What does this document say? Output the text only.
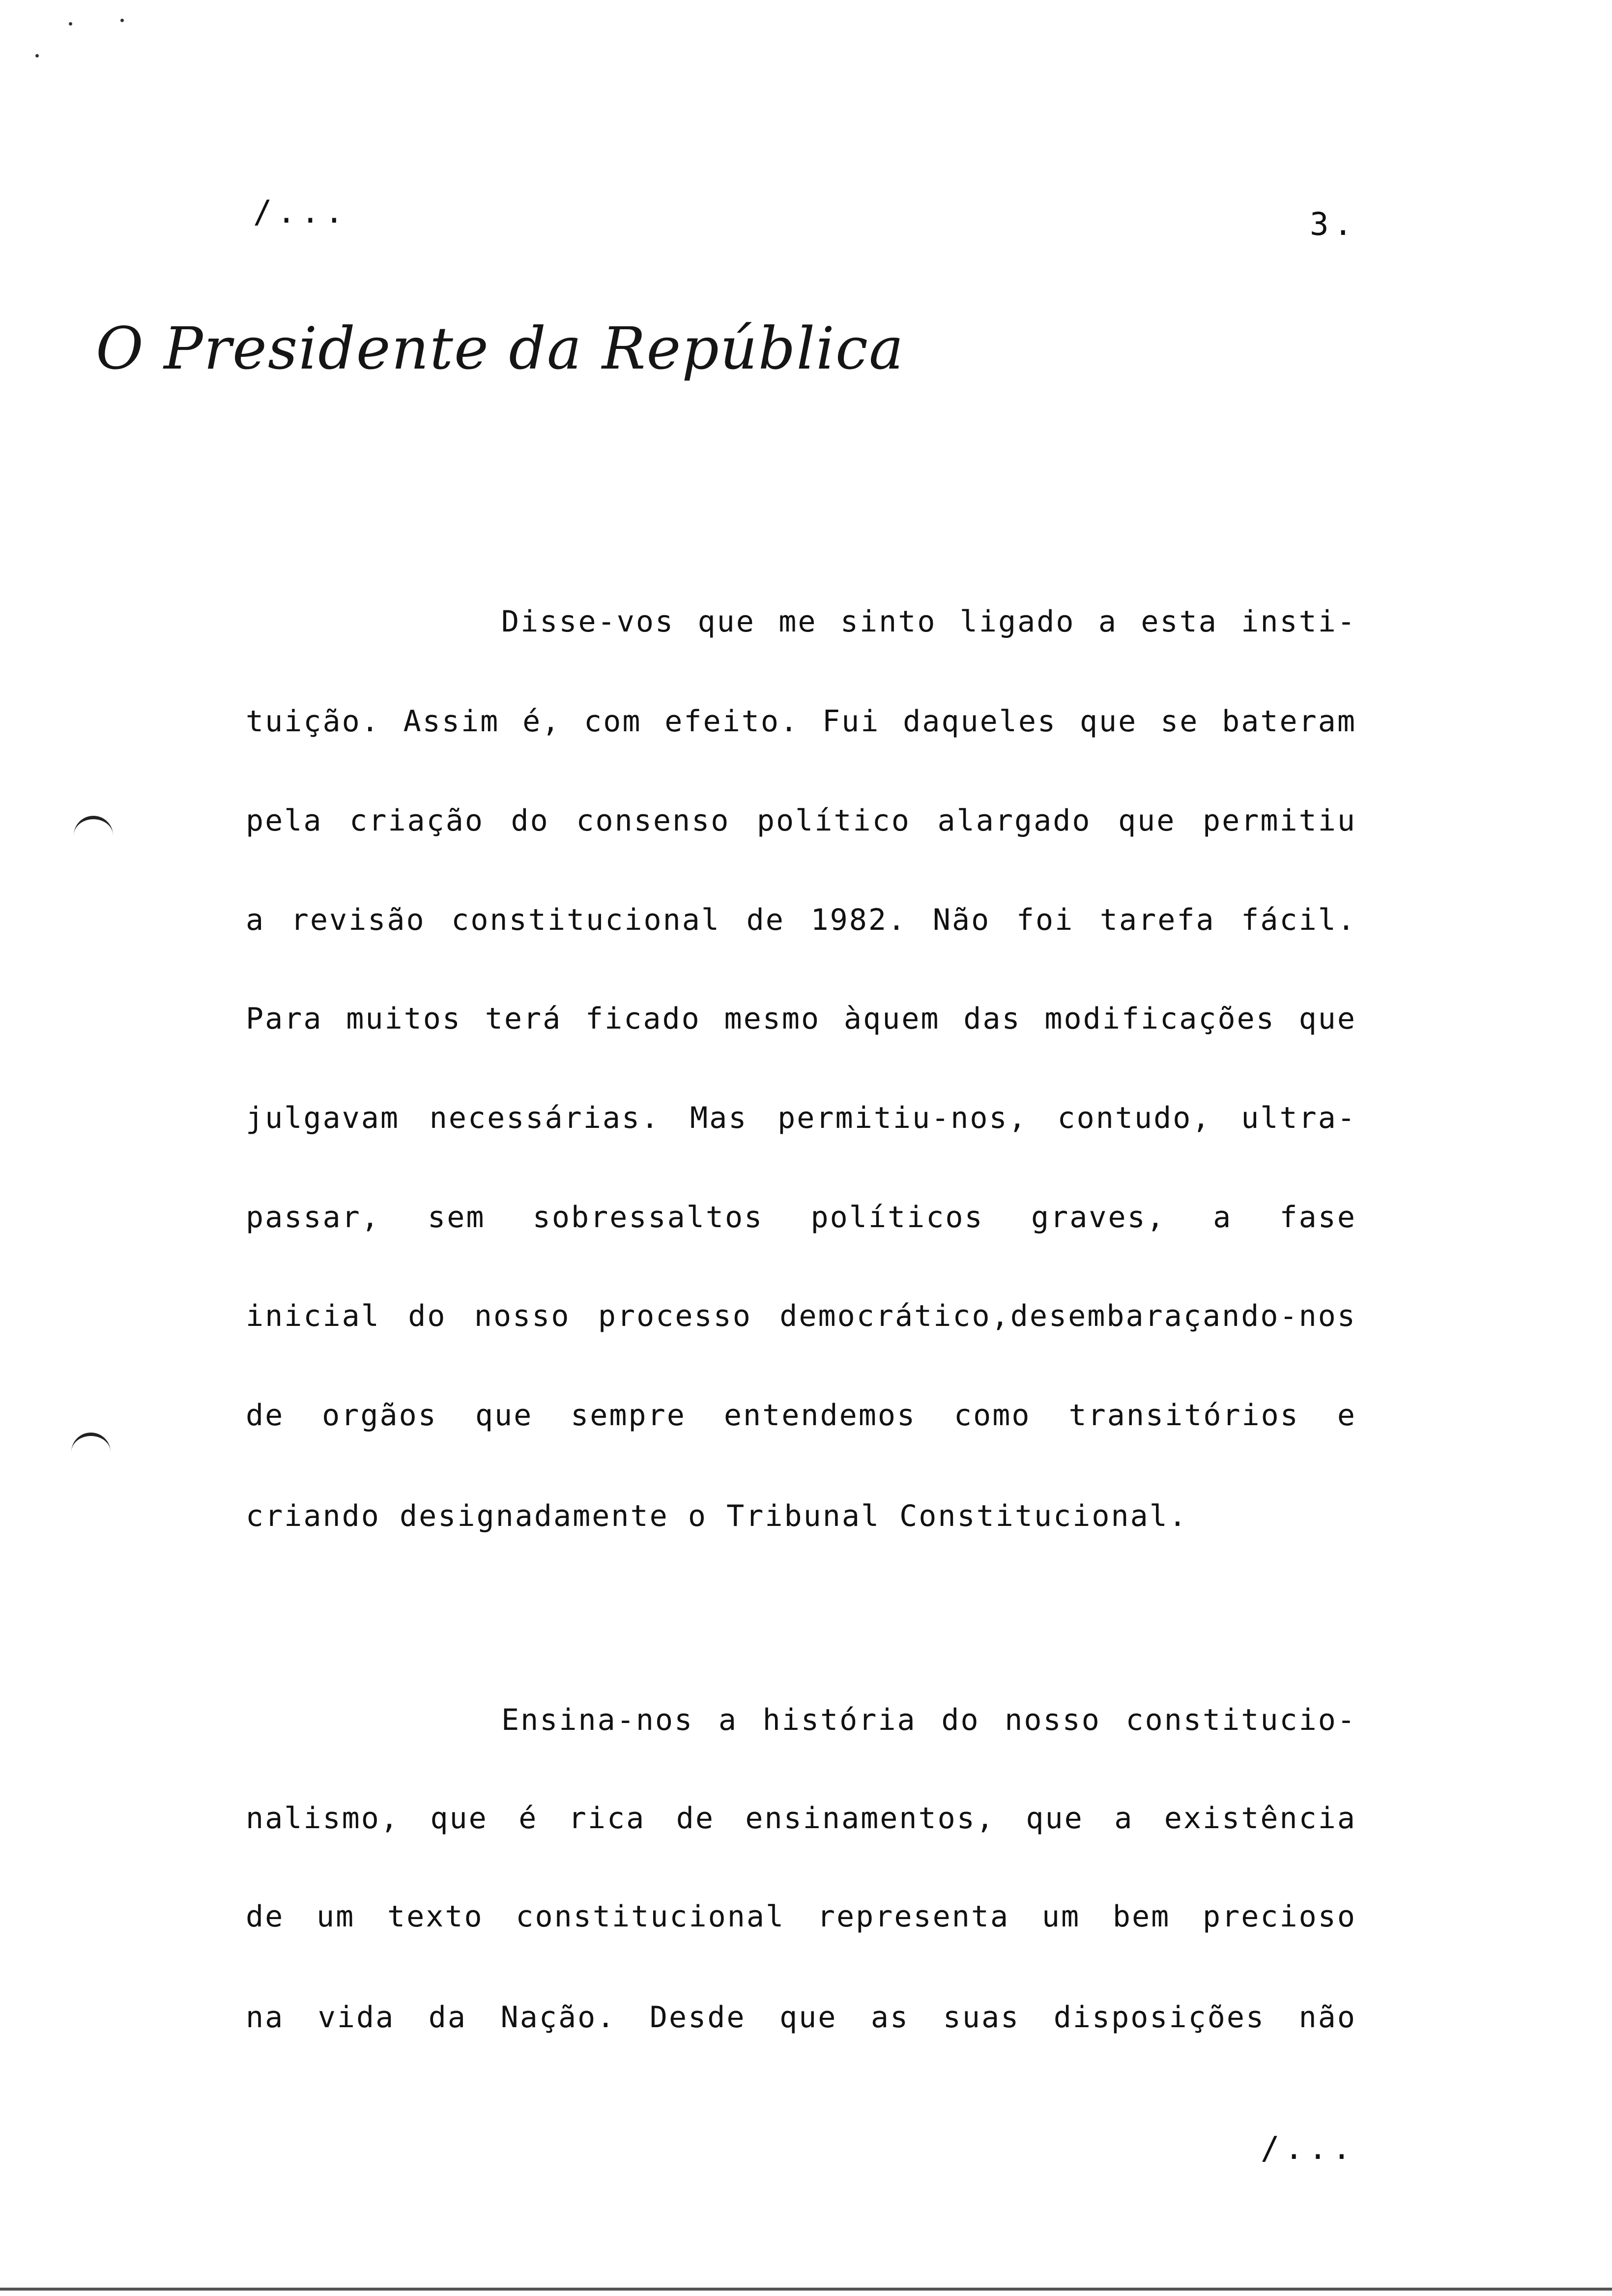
/...	3.
O Presidente da República
Disse-vos que me sinto ligado a esta insti-
tuição. Assim é, com efeito. Fui daqueles que se bateram
pela criação do consenso político alargado que permitiu
a revisão constitucional de 1982. Não foi tarefa fácil.
Para muitos terá ficado mesmo àquem das modificações que
julgavam necessárias. Mas permitiu-nos, contudo, ultra-
passar, sem sobressaltos políticos graves, a fase
inicial do nosso processo democrático,desembaraçando-nos
de orgãos que sempre entendemos como transitórios e
criando designadamente o Tribunal Constitucional.
Ensina-nos a história do nosso constitucio-
nalismo, que é rica de ensinamentos, que a existência
de um texto constitucional representa um bem precioso
na vida da Nação. Desde que as suas disposições não
/...
